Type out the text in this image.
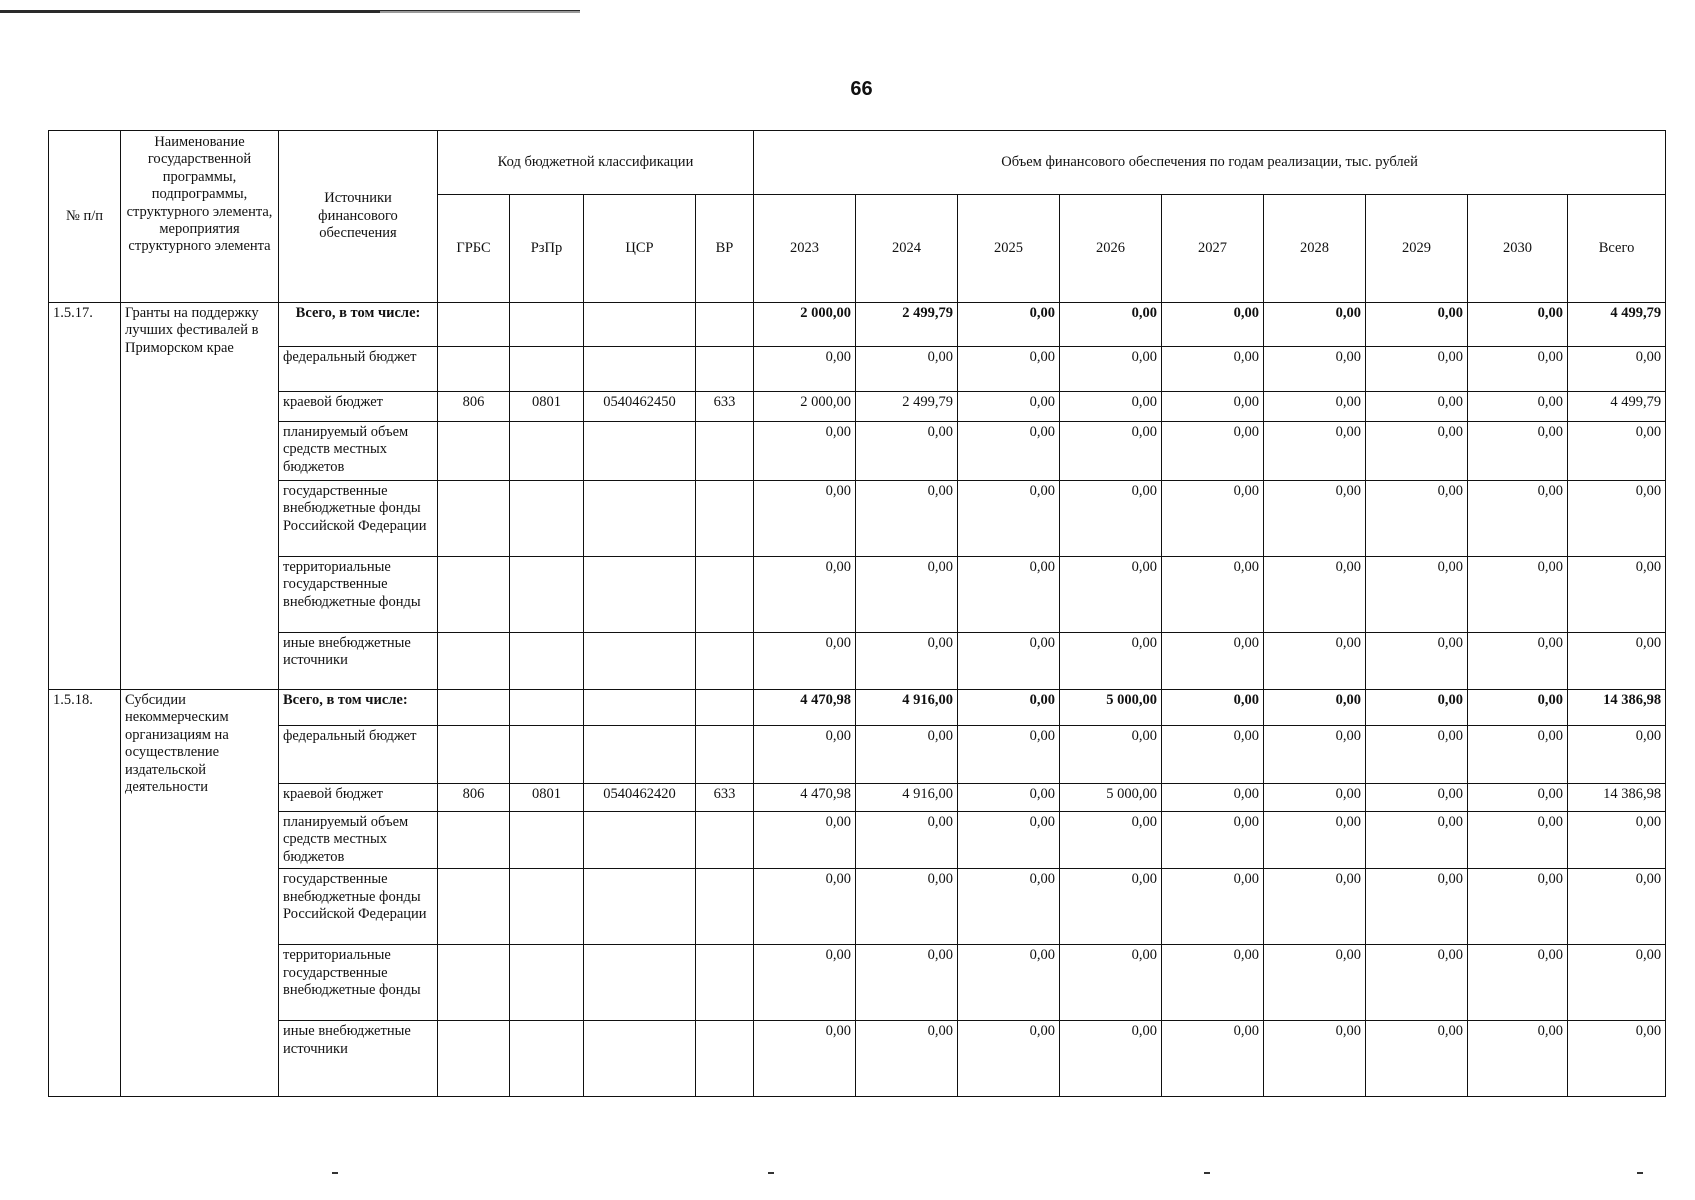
66
№ п/п	Наименование государственной программы, подпрограммы, структурного элемента, мероприятия структурного элемента	Источники финансового обеспечения	Код бюджетной классификации				Объем финансового обеспечения по годам реализации, тыс. рублей								
			ГРБС	РзПр	ЦСР	ВР	2023	2024	2025	2026	2027	2028	2029	2030	Всего
1.5.17.	Гранты на поддержку лучших фестивалей в Приморском крае	Всего, в том числе:					2 000,00	2 499,79	0,00	0,00	0,00	0,00	0,00	0,00	4 499,79
		федеральный бюджет					0,00	0,00	0,00	0,00	0,00	0,00	0,00	0,00	0,00
		краевой бюджет	806	0801	0540462450	633	2 000,00	2 499,79	0,00	0,00	0,00	0,00	0,00	0,00	4 499,79
		планируемый объем средств местных бюджетов					0,00	0,00	0,00	0,00	0,00	0,00	0,00	0,00	0,00
		государственные внебюджетные фонды Российской Федерации					0,00	0,00	0,00	0,00	0,00	0,00	0,00	0,00	0,00
		территориальные государственные внебюджетные фонды					0,00	0,00	0,00	0,00	0,00	0,00	0,00	0,00	0,00
		иные внебюджетные источники					0,00	0,00	0,00	0,00	0,00	0,00	0,00	0,00	0,00
1.5.18.	Субсидии некоммерческим организациям на осуществление издательской деятельности	Всего, в том числе:					4 470,98	4 916,00	0,00	5 000,00	0,00	0,00	0,00	0,00	14 386,98
		федеральный бюджет					0,00	0,00	0,00	0,00	0,00	0,00	0,00	0,00	0,00
		краевой бюджет	806	0801	0540462420	633	4 470,98	4 916,00	0,00	5 000,00	0,00	0,00	0,00	0,00	14 386,98
		планируемый объем средств местных бюджетов					0,00	0,00	0,00	0,00	0,00	0,00	0,00	0,00	0,00
		государственные внебюджетные фонды Российской Федерации					0,00	0,00	0,00	0,00	0,00	0,00	0,00	0,00	0,00
		территориальные государственные внебюджетные фонды					0,00	0,00	0,00	0,00	0,00	0,00	0,00	0,00	0,00
		иные внебюджетные источники					0,00	0,00	0,00	0,00	0,00	0,00	0,00	0,00	0,00
